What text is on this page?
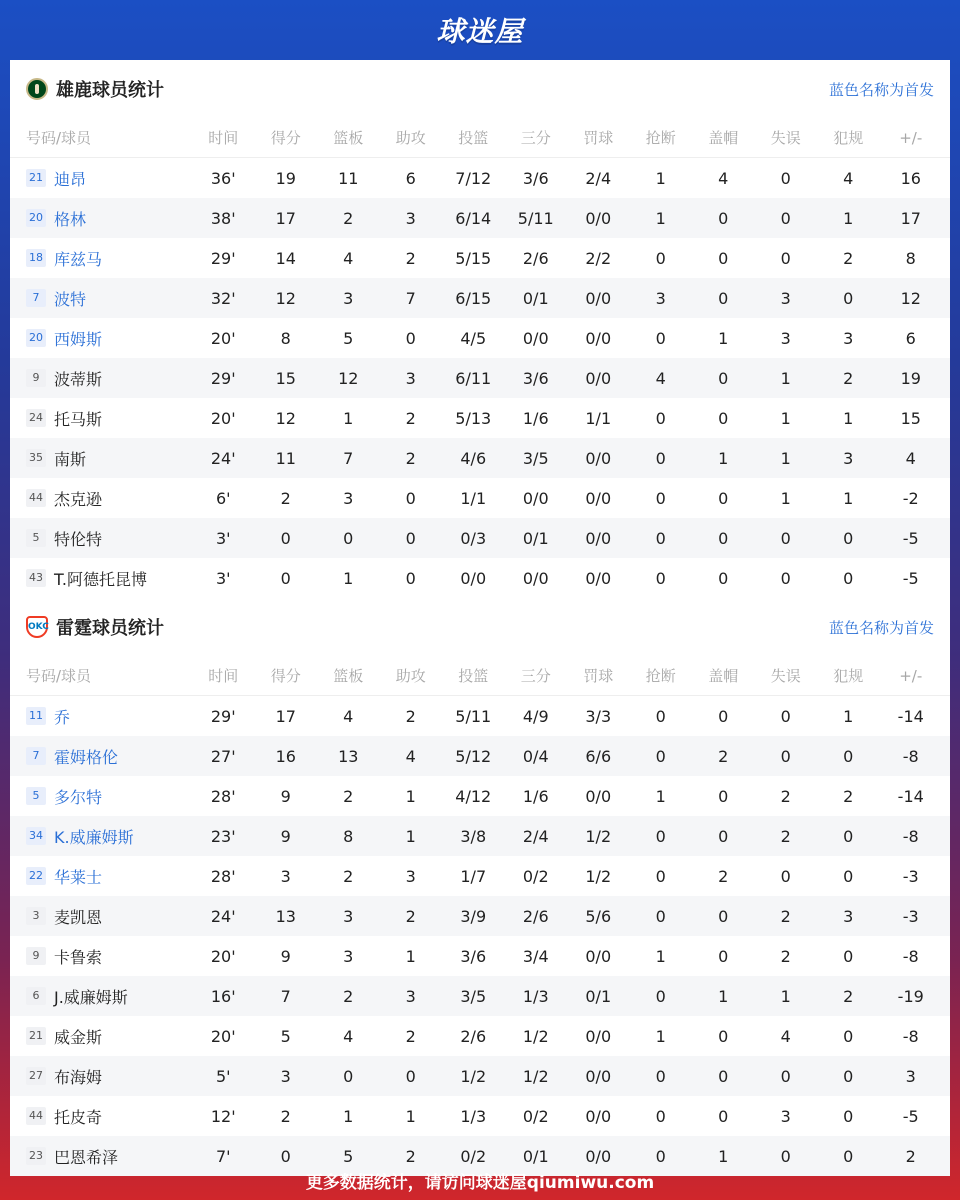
球迷屋
雄鹿球员统计	蓝色名称为首发
号码/球员	时间	得分	篮板	助攻	投篮	三分	罚球	抢断	盖帽	失误	犯规	+/-
21 迪昂	36'	19	11	6	7/12	3/6	2/4	1	4	0	4	16
20 格林	38'	17	2	3	6/14	5/11	0/0	1	0	0	1	17
18 库兹马	29'	14	4	2	5/15	2/6	2/2	0	0	0	2	8
7 波特	32'	12	3	7	6/15	0/1	0/0	3	0	3	0	12
20 西姆斯	20'	8	5	0	4/5	0/0	0/0	0	1	3	3	6
9 波蒂斯	29'	15	12	3	6/11	3/6	0/0	4	0	1	2	19
24 托马斯	20'	12	1	2	5/13	1/6	1/1	0	0	1	1	15
35 南斯	24'	11	7	2	4/6	3/5	0/0	0	1	1	3	4
44 杰克逊	6'	2	3	0	1/1	0/0	0/0	0	0	1	1	-2
5 特伦特	3'	0	0	0	0/3	0/1	0/0	0	0	0	0	-5
43 T.阿德托昆博	3'	0	1	0	0/0	0/0	0/0	0	0	0	0	-5
OKC 雷霆球员统计	蓝色名称为首发
号码/球员	时间	得分	篮板	助攻	投篮	三分	罚球	抢断	盖帽	失误	犯规	+/-
11 乔	29'	17	4	2	5/11	4/9	3/3	0	0	0	1	-14
7 霍姆格伦	27'	16	13	4	5/12	0/4	6/6	0	2	0	0	-8
5 多尔特	28'	9	2	1	4/12	1/6	0/0	1	0	2	2	-14
34 K.威廉姆斯	23'	9	8	1	3/8	2/4	1/2	0	0	2	0	-8
22 华莱士	28'	3	2	3	1/7	0/2	1/2	0	2	0	0	-3
3 麦凯恩	24'	13	3	2	3/9	2/6	5/6	0	0	2	3	-3
9 卡鲁索	20'	9	3	1	3/6	3/4	0/0	1	0	2	0	-8
6 J.威廉姆斯	16'	7	2	3	3/5	1/3	0/1	0	1	1	2	-19
21 威金斯	20'	5	4	2	2/6	1/2	0/0	1	0	4	0	-8
27 布海姆	5'	3	0	0	1/2	1/2	0/0	0	0	0	0	3
44 托皮奇	12'	2	1	1	1/3	0/2	0/0	0	0	3	0	-5
23 巴恩希泽	7'	0	5	2	0/2	0/1	0/0	0	1	0	0	2
更多数据统计，请访问球迷屋qiumiwu.com
